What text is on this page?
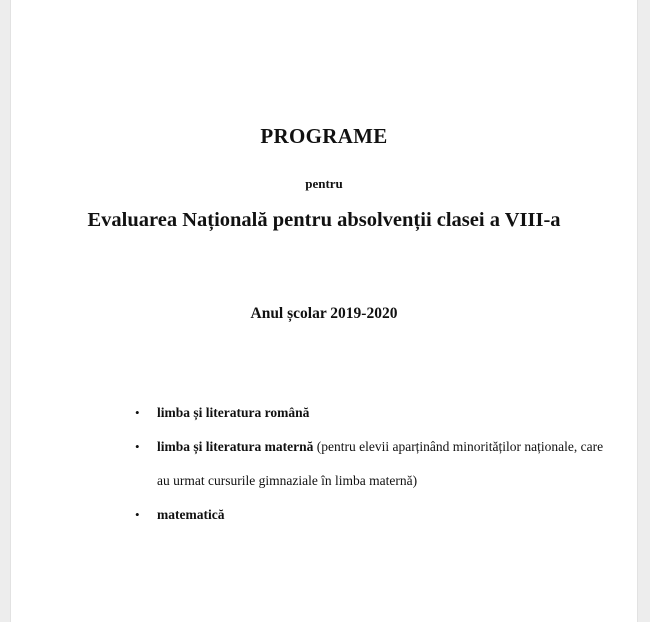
PROGRAME
pentru
Evaluarea Națională pentru absolvenții clasei a VIII-a
Anul școlar 2019-2020
• limba și literatura română
• limba și literatura maternă (pentru elevii aparținând minorităților naționale, care au urmat cursurile gimnaziale în limba maternă)
• matematică
